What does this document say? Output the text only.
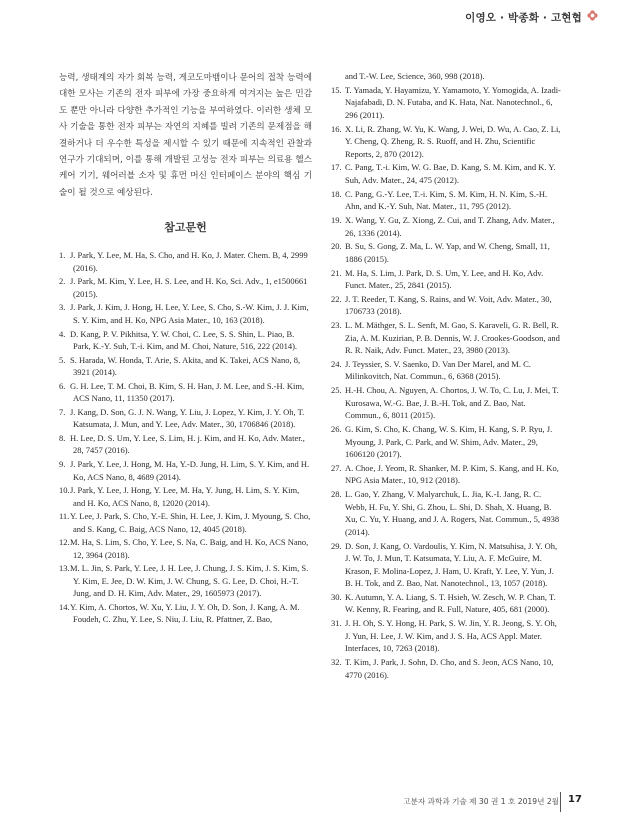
이영오 · 박종화 · 고현협

능력, 생태계의 자가 회복 능력, 게코도마뱀이나 문어의 접착 능력에 대한 모사는 기존의 전자 피부에 가장 중요하게 여겨지는 높은 민감도 뿐만 아니라 다양한 추가적인 기능을 부여하였다. 이러한 생체 모사 기술을 통한 전자 피부는 자연의 지혜를 빌려 기존의 문제점을 해결하거나 더 우수한 특성을 제시할 수 있기 때문에 지속적인 관찰과 연구가 기대되며, 이를 통해 개발된 고성능 전자 피부는 의료용 헬스케어 기기, 웨어러블 소자 및 휴먼 머신 인터페이스 분야의 핵심 기술이 될 것으로 예상된다.

참고문헌
1. J. Park, Y. Lee, M. Ha, S. Cho, and H. Ko, J. Mater. Chem. B, 4, 2999 (2016).
2. J. Park, M. Kim, Y. Lee, H. S. Lee, and H. Ko, Sci. Adv., 1, e1500661 (2015).
3. J. Park, J. Kim, J. Hong, H. Lee, Y. Lee, S. Cho, S.-W. Kim, J. J. Kim, S. Y. Kim, and H. Ko, NPG Asia Mater., 10, 163 (2018).
4. D. Kang, P. V. Pikhitsa, Y. W. Choi, C. Lee, S. S. Shin, L. Piao, B. Park, K.-Y. Suh, T.-i. Kim, and M. Choi, Nature, 516, 222 (2014).
5. S. Harada, W. Honda, T. Arie, S. Akita, and K. Takei, ACS Nano, 8, 3921 (2014).
6. G. H. Lee, T. M. Choi, B. Kim, S. H. Han, J. M. Lee, and S.-H. Kim, ACS Nano, 11, 11350 (2017).
7. J. Kang, D. Son, G. J. N. Wang, Y. Liu, J. Lopez, Y. Kim, J. Y. Oh, T. Katsumata, J. Mun, and Y. Lee, Adv. Mater., 30, 1706846 (2018).
8. H. Lee, D. S. Um, Y. Lee, S. Lim, H. j. Kim, and H. Ko, Adv. Mater., 28, 7457 (2016).
9. J. Park, Y. Lee, J. Hong, M. Ha, Y.-D. Jung, H. Lim, S. Y. Kim, and H. Ko, ACS Nano, 8, 4689 (2014).
10.J. Park, Y. Lee, J. Hong, Y. Lee, M. Ha, Y. Jung, H. Lim, S. Y. Kim, and H. Ko, ACS Nano, 8, 12020 (2014).
11.Y. Lee, J. Park, S. Cho, Y.-E. Shin, H. Lee, J. Kim, J. Myoung, S. Cho, and S. Kang, C. Baig, ACS Nano, 12, 4045 (2018).
12.M. Ha, S. Lim, S. Cho, Y. Lee, S. Na, C. Baig, and H. Ko, ACS Nano, 12, 3964 (2018).
13.M. L. Jin, S. Park, Y. Lee, J. H. Lee, J. Chung, J. S. Kim, J. S. Kim, S. Y. Kim, E. Jee, D. W. Kim, J. W. Chung, S. G. Lee, D. Choi, H.-T. Jung, and D. H. Kim, Adv. Mater., 29, 1605973 (2017).
14.Y. Kim, A. Chortos, W. Xu, Y. Liu, J. Y. Oh, D. Son, J. Kang, A. M. Foudeh, C. Zhu, Y. Lee, S. Niu, J. Liu, R. Pfattner, Z. Bao,
and T.-W. Lee, Science, 360, 998 (2018).
15. T. Yamada, Y. Hayamizu, Y. Yamamoto, Y. Yomogida, A. Izadi-Najafabadi, D. N. Futaba, and K. Hata, Nat. Nanotechnol., 6, 296 (2011).
16. X. Li, R. Zhang, W. Yu, K. Wang, J. Wei, D. Wu, A. Cao, Z. Li, Y. Cheng, Q. Zheng, R. S. Ruoff, and H. Zhu, Scientific Reports, 2, 870 (2012).
17. C. Pang, T.-i. Kim, W. G. Bae, D. Kang, S. M. Kim, and K. Y. Suh, Adv. Mater., 24, 475 (2012).
18. C. Pang, G.-Y. Lee, T.-i. Kim, S. M. Kim, H. N. Kim, S.-H. Ahn, and K.-Y. Suh, Nat. Mater., 11, 795 (2012).
19. X. Wang, Y. Gu, Z. Xiong, Z. Cui, and T. Zhang, Adv. Mater., 26, 1336 (2014).
20. B. Su, S. Gong, Z. Ma, L. W. Yap, and W. Cheng, Small, 11, 1886 (2015).
21. M. Ha, S. Lim, J. Park, D. S. Um, Y. Lee, and H. Ko, Adv. Funct. Mater., 25, 2841 (2015).
22. J. T. Reeder, T. Kang, S. Rains, and W. Voit, Adv. Mater., 30, 1706733 (2018).
23. L. M. Mäthger, S. L. Senft, M. Gao, S. Karaveli, G. R. Bell, R. Zia, A. M. Kuzirian, P. B. Dennis, W. J. Crookes-Goodson, and R. R. Naik, Adv. Funct. Mater., 23, 3980 (2013).
24. J. Teyssier, S. V. Saenko, D. Van Der Marel, and M. C. Milinkovitch, Nat. Commun., 6, 6368 (2015).
25. H.-H. Chou, A. Nguyen, A. Chortos, J. W. To, C. Lu, J. Mei, T. Kurosawa, W.-G. Bae, J. B.-H. Tok, and Z. Bao, Nat. Commun., 6, 8011 (2015).
26. G. Kim, S. Cho, K. Chang, W. S. Kim, H. Kang, S. P. Ryu, J. Myoung, J. Park, C. Park, and W. Shim, Adv. Mater., 29, 1606120 (2017).
27. A. Choe, J. Yeom, R. Shanker, M. P. Kim, S. Kang, and H. Ko, NPG Asia Mater., 10, 912 (2018).
28. L. Gao, Y. Zhang, V. Malyarchuk, L. Jia, K.-I. Jang, R. C. Webb, H. Fu, Y. Shi, G. Zhou, L. Shi, D. Shah, X. Huang, B. Xu, C. Yu, Y. Huang, and J. A. Rogers, Nat. Commun., 5, 4938 (2014).
29. D. Son, J. Kang, O. Vardoulis, Y. Kim, N. Matsuhisa, J. Y. Oh, J. W. To, J. Mun, T. Katsumata, Y. Liu, A. F. McGuire, M. Krason, F. Molina-Lopez, J. Ham, U. Kraft, Y. Lee, Y. Yun, J. B. H. Tok, and Z. Bao, Nat. Nanotechnol., 13, 1057 (2018).
30. K. Autumn, Y. A. Liang, S. T. Hsieh, W. Zesch, W. P. Chan, T. W. Kenny, R. Fearing, and R. Full, Nature, 405, 681 (2000).
31. J. H. Oh, S. Y. Hong, H. Park, S. W. Jin, Y. R. Jeong, S. Y. Oh, J. Yun, H. Lee, J. W. Kim, and J. S. Ha, ACS Appl. Mater. Interfaces, 10, 7263 (2018).
32. T. Kim, J. Park, J. Sohn, D. Cho, and S. Jeon, ACS Nano, 10, 4770 (2016).
고분자 과학과 기술 제 30 권 1 호 2019년 2월 17
